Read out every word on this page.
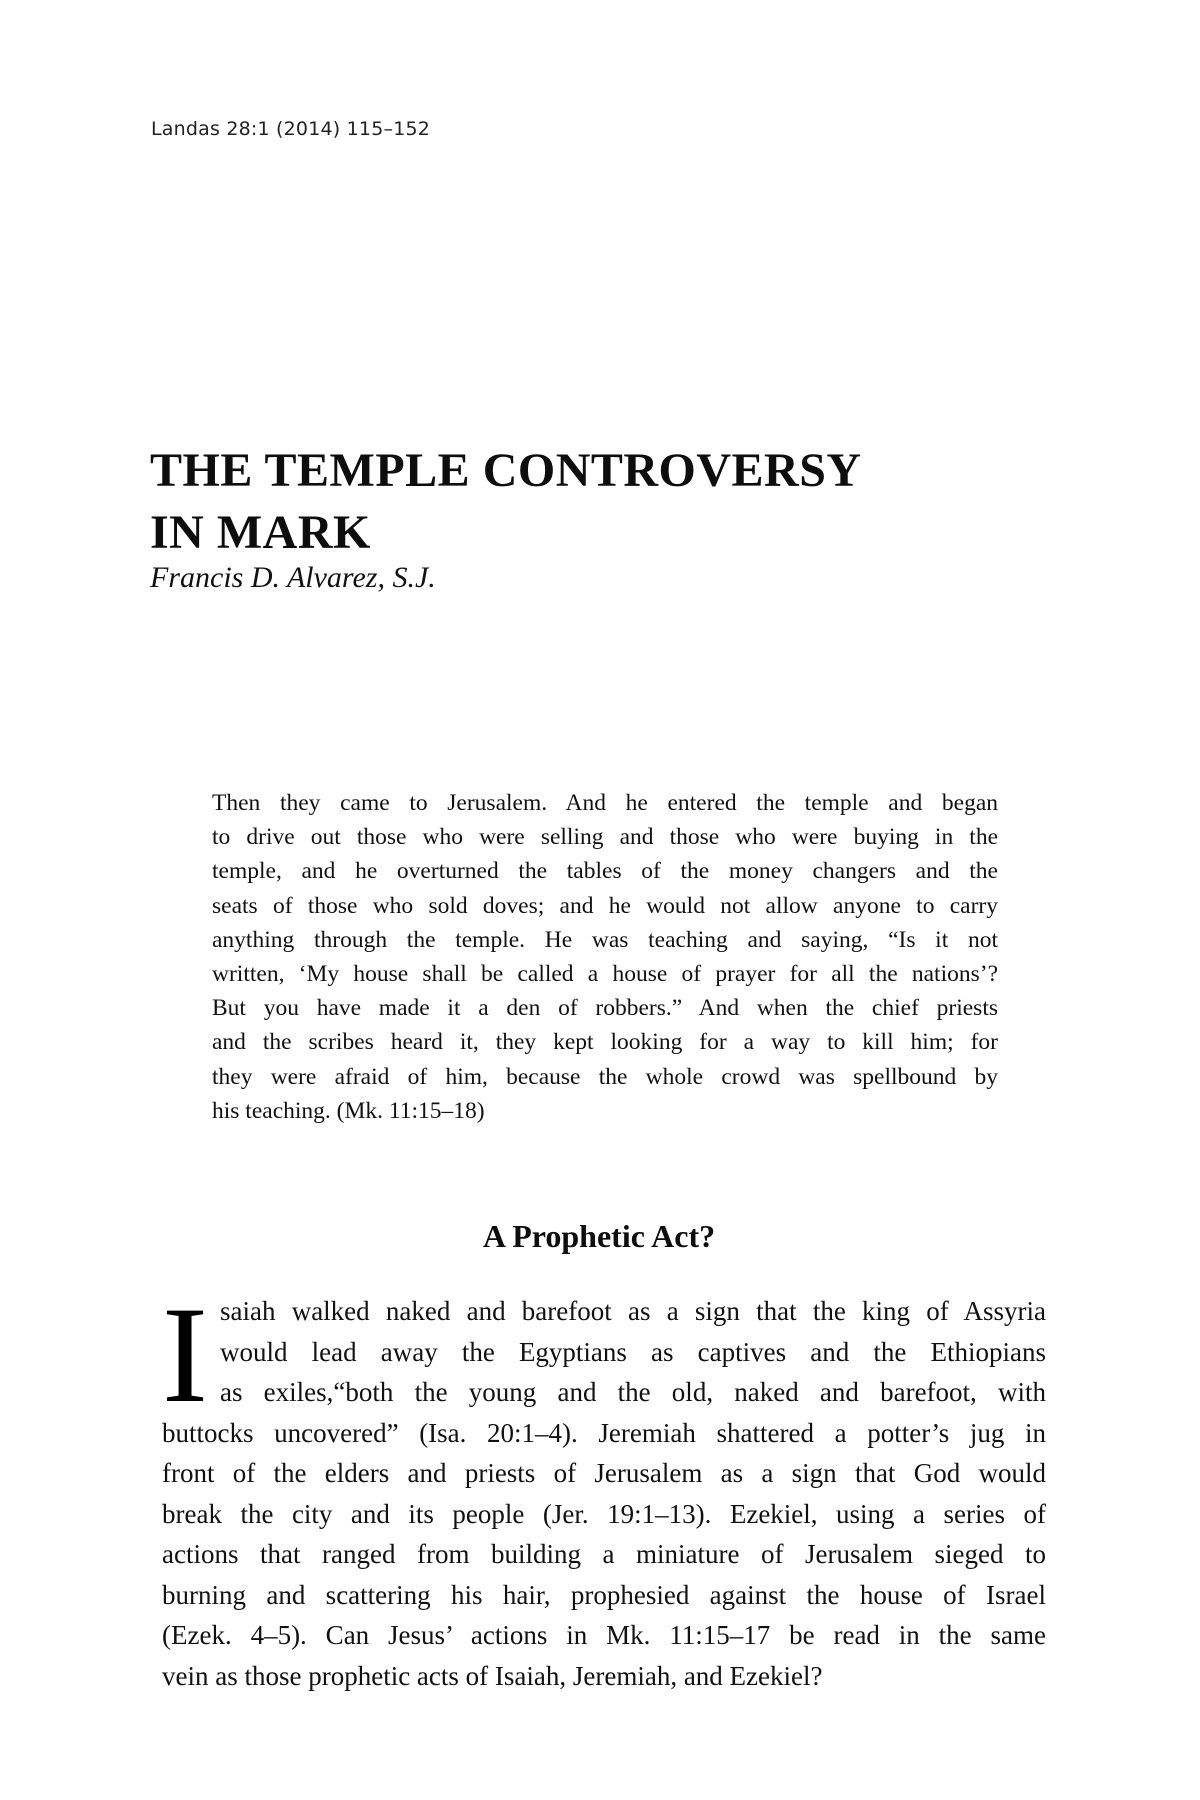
Landas 28:1 (2014) 115–152
THE TEMPLE CONTROVERSY
IN MARK

Francis D. Alvarez, S.J.

Then they came to Jerusalem. And he entered the temple and began
to drive out those who were selling and those who were buying in the
temple, and he overturned the tables of the money changers and the
seats of those who sold doves; and he would not allow anyone to carry
anything through the temple. He was teaching and saying, “Is it not
written, ‘My house shall be called a house of prayer for all the nations’?
But you have made it a den of robbers.” And when the chief priests
and the scribes heard it, they kept looking for a way to kill him; for
they were afraid of him, because the whole crowd was spellbound by
his teaching. (Mk. 11:15–18)
A Prophetic Act?
I saiah walked naked and barefoot as a sign that the king of Assyria
would lead away the Egyptians as captives and the Ethiopians
as exiles,“both the young and the old, naked and barefoot, with
buttocks uncovered” (Isa. 20:1–4). Jeremiah shattered a potter’s jug in
front of the elders and priests of Jerusalem as a sign that God would
break the city and its people (Jer. 19:1–13). Ezekiel, using a series of
actions that ranged from building a miniature of Jerusalem sieged to
burning and scattering his hair, prophesied against the house of Israel
(Ezek. 4–5). Can Jesus’ actions in Mk. 11:15–17 be read in the same
vein as those prophetic acts of Isaiah, Jeremiah, and Ezekiel?
